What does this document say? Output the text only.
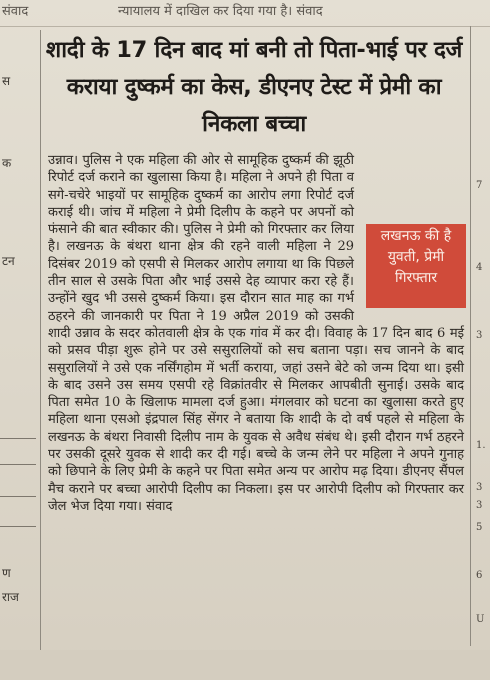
संवाद	न्यायालय में दाखिल कर दिया गया है। संवाद
स
क
टन
ण
राज
7
4
3
1.
3
3
5
6
U
शादी के 17 दिन बाद मां बनी तो पिता-भाई पर दर्ज कराया दुष्कर्म का केस, डीएनए टेस्ट में प्रेमी का निकला बच्चा

उन्नाव। पुलिस ने एक महिला की ओर से सामूहिक दुष्कर्म की झूठी रिपोर्ट दर्ज कराने का खुलासा किया है। महिला ने अपने ही पिता व सगे-चचेरे भाइयों पर सामूहिक दुष्कर्म का आरोप लगा रिपोर्ट दर्ज कराई थी। जांच में महिला ने प्रेमी दिलीप के कहने पर अपनों को फंसाने की बात स्वीकार की। पुलिस ने प्रेमी को गिरफ्तार कर लिया है। लखनऊ के बंथरा थाना क्षेत्र की रहने वाली महिला ने 29 दिसंबर 2019 को एसपी से मिलकर आरोप लगाया था कि पिछले तीन साल से उसके पिता और भाई उससे देह व्यापार करा रहे हैं। उन्होंने खुद भी उससे दुष्कर्म किया। इस दौरान सात माह का गर्भ ठहरने की जानकारी पर पिता ने 19 अप्रैल 2019 को उसकी शादी उन्नाव के सदर कोतवाली क्षेत्र के एक गांव में कर दी। विवाह के 17 दिन बाद 6 मई को प्रसव पीड़ा शुरू होने पर उसे ससुरालियों को सच बताना पड़ा। सच जानने के बाद ससुरालियों ने उसे एक नर्सिंगहोम में भर्ती कराया, जहां उसने बेटे को जन्म दिया था। इसी के बाद उसने उस समय एसपी रहे विक्रांतवीर से मिलकर आपबीती सुनाई। उसके बाद पिता समेत 10 के खिलाफ मामला दर्ज हुआ। मंगलवार को घटना का खुलासा करते हुए महिला थाना एसओ इंद्रपाल सिंह सेंगर ने बताया कि शादी के दो वर्ष पहले से महिला के लखनऊ के बंथरा निवासी दिलीप नाम के युवक से अवैध संबंध थे। इसी दौरान गर्भ ठहरने पर उसकी दूसरे युवक से शादी कर दी गई। बच्चे के जन्म लेने पर महिला ने अपने गुनाह को छिपाने के लिए प्रेमी के कहने पर पिता समेत अन्य पर आरोप मढ़ दिया। डीएनए सैंपल मैच कराने पर बच्चा आरोपी दिलीप का निकला। इस पर आरोपी दिलीप को गिरफ्तार कर जेल भेज दिया गया। संवाद

लखनऊ की है
युवती, प्रेमी
गिरफ्तार
